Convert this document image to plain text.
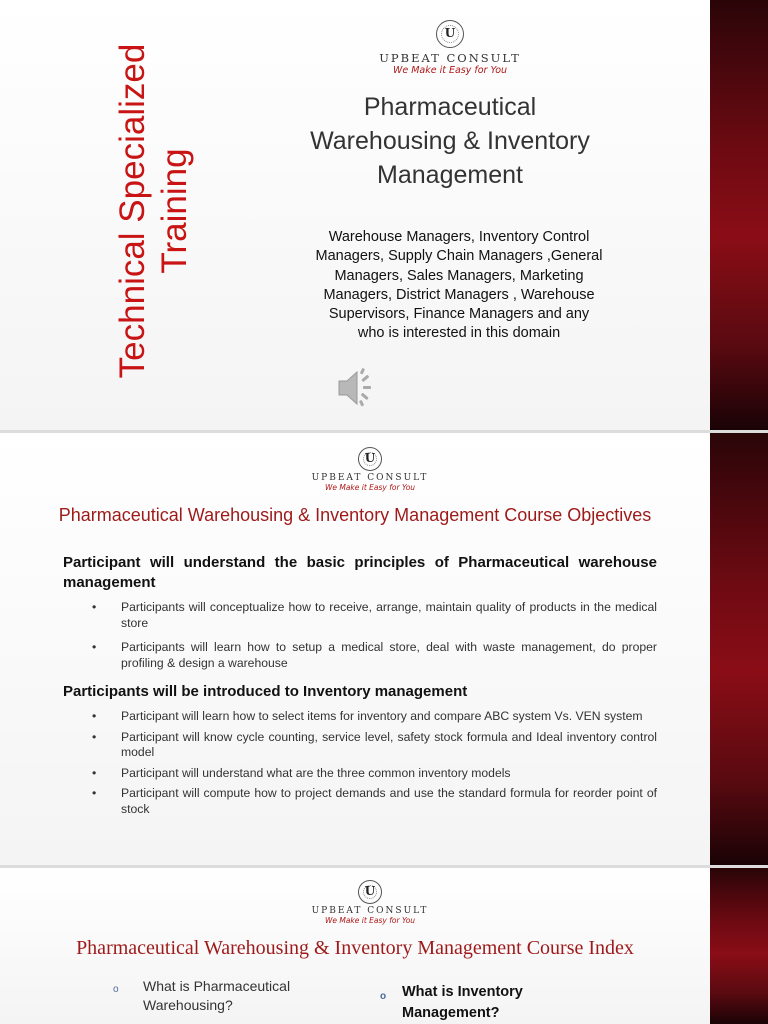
Technical Specialized Training
U
UPBEAT CONSULT
We Make it Easy for You
Pharmaceutical
Warehousing & Inventory
Management
Warehouse Managers, Inventory Control
Managers, Supply Chain Managers ,General
Managers, Sales Managers, Marketing
Managers, District Managers , Warehouse
Supervisors, Finance Managers and any
who is interested in this domain
U
UPBEAT CONSULT
We Make it Easy for You
Pharmaceutical Warehousing & Inventory Management Course Objectives
Participant will understand the basic principles of Pharmaceutical warehouse management
• Participants will conceptualize how to receive, arrange, maintain quality of products in the medical store
• Participants will learn how to setup a medical store, deal with waste management, do proper profiling & design a warehouse
Participants will be introduced to Inventory management
• Participant will learn how to select items for inventory and compare ABC system Vs. VEN system
• Participant will know cycle counting, service level, safety stock formula and Ideal inventory control model
• Participant will understand what are the three common inventory models
• Participant will compute how to project demands and use the standard formula for reorder point of stock
U
UPBEAT CONSULT
We Make it Easy for You
Pharmaceutical Warehousing & Inventory Management Course Index
o	What is Pharmaceutical
Warehousing?
o	What is Inventory
Management?
